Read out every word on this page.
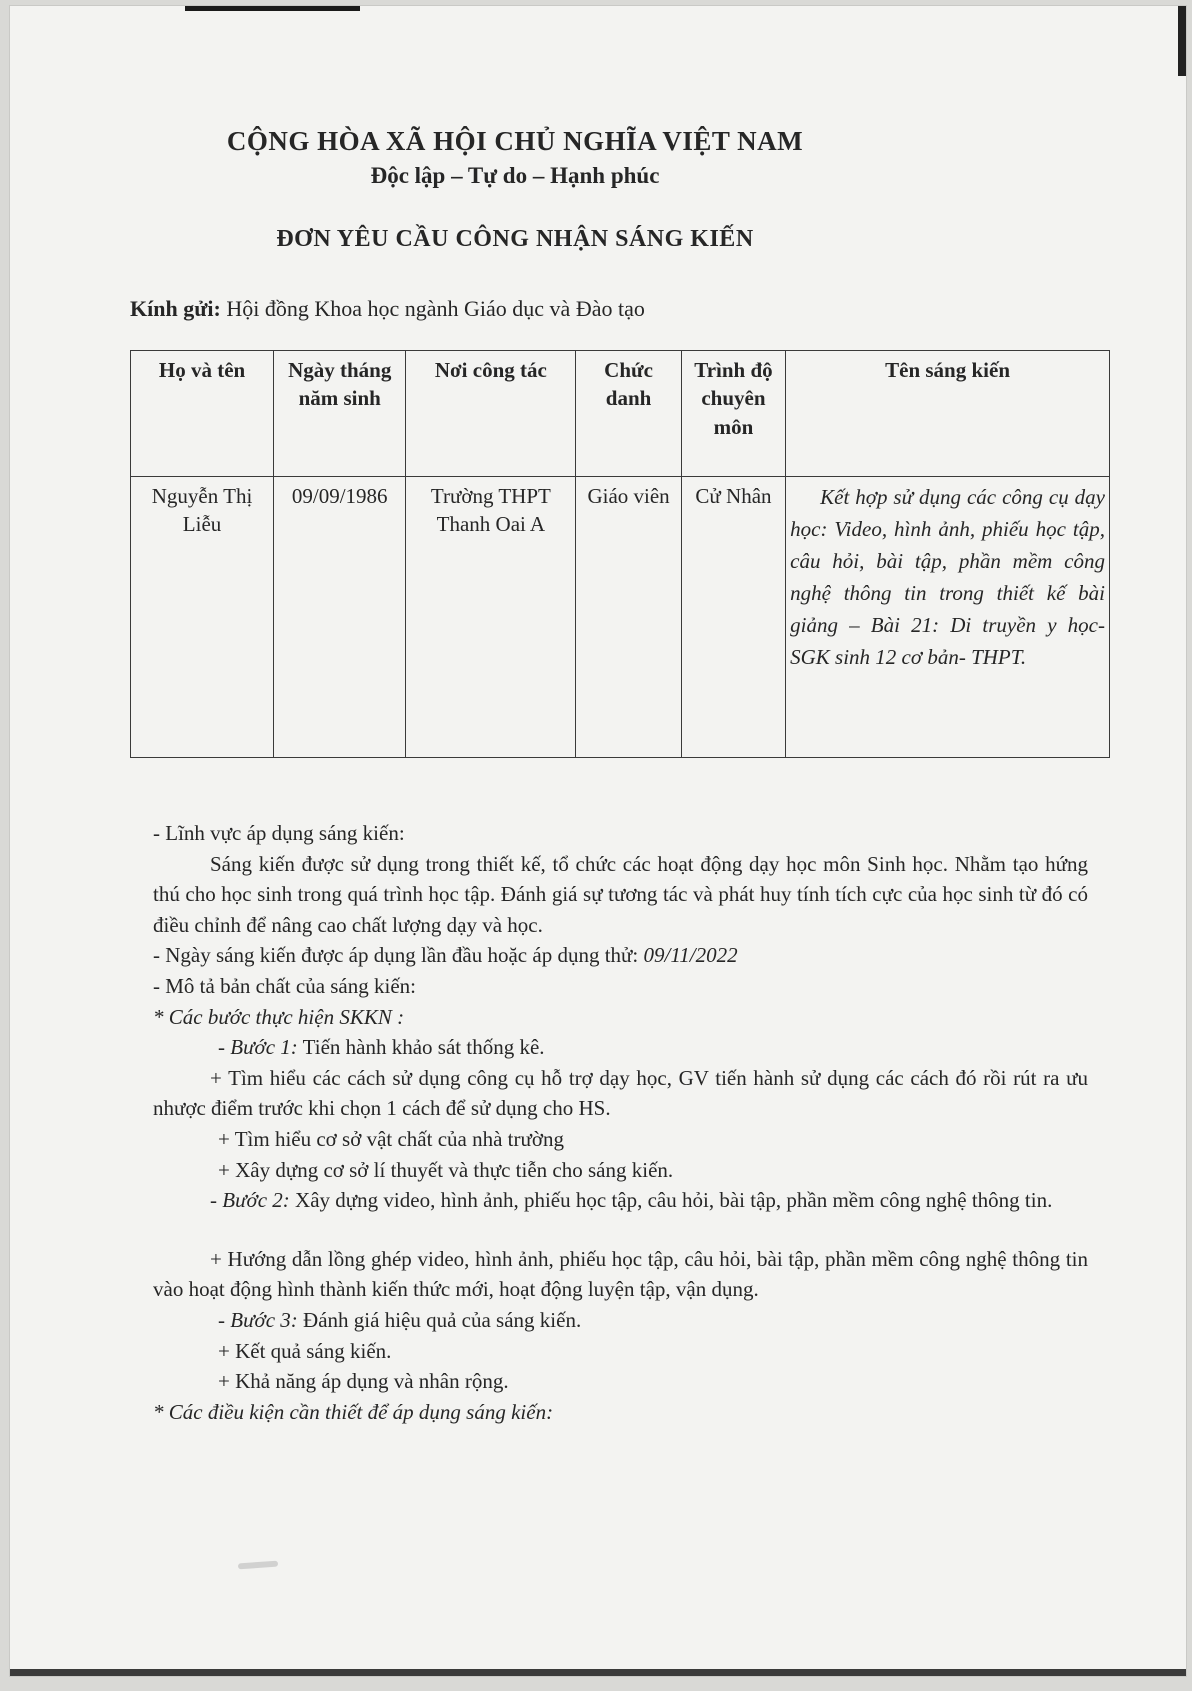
CỘNG HÒA XÃ HỘI CHỦ NGHĨA VIỆT NAM
Độc lập – Tự do – Hạnh phúc
ĐƠN YÊU CẦU CÔNG NHẬN SÁNG KIẾN
Kính gửi: Hội đồng Khoa học ngành Giáo dục và Đào tạo
Họ và tên	Ngày tháng năm sinh	Nơi công tác	Chức danh	Trình độ chuyên môn	Tên sáng kiến
Nguyễn Thị Liễu	09/09/1986	Trường THPT Thanh Oai A	Giáo viên	Cử Nhân	Kết hợp sử dụng các công cụ dạy học: Video, hình ảnh, phiếu học tập, câu hỏi, bài tập, phần mềm công nghệ thông tin trong thiết kế bài giảng – Bài 21: Di truyền y học- SGK sinh 12 cơ bản- THPT.

- Lĩnh vực áp dụng sáng kiến:

Sáng kiến được sử dụng trong thiết kế, tổ chức các hoạt động dạy học môn Sinh học. Nhằm tạo hứng thú cho học sinh trong quá trình học tập. Đánh giá sự tương tác và phát huy tính tích cực của học sinh từ đó có điều chỉnh để nâng cao chất lượng dạy và học.

- Ngày sáng kiến được áp dụng lần đầu hoặc áp dụng thử: 09/11/2022

- Mô tả bản chất của sáng kiến:

* Các bước thực hiện SKKN :

- Bước 1: Tiến hành khảo sát thống kê.

+ Tìm hiểu các cách sử dụng công cụ hỗ trợ dạy học, GV tiến hành sử dụng các cách đó rồi rút ra ưu nhược điểm trước khi chọn 1 cách để sử dụng cho HS.

+ Tìm hiểu cơ sở vật chất của nhà trường

+ Xây dựng cơ sở lí thuyết và thực tiễn cho sáng kiến.

- Bước 2: Xây dựng video, hình ảnh, phiếu học tập, câu hỏi, bài tập, phần mềm công nghệ thông tin.

+ Hướng dẫn lồng ghép video, hình ảnh, phiếu học tập, câu hỏi, bài tập, phần mềm công nghệ thông tin vào hoạt động hình thành kiến thức mới, hoạt động luyện tập, vận dụng.

- Bước 3: Đánh giá hiệu quả của sáng kiến.

+ Kết quả sáng kiến.

+ Khả năng áp dụng và nhân rộng.

* Các điều kiện cần thiết để áp dụng sáng kiến:
